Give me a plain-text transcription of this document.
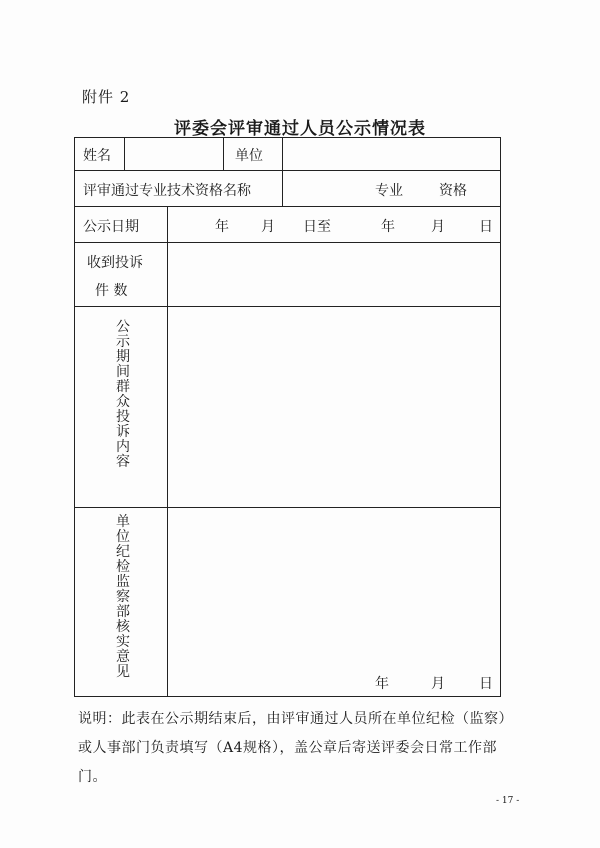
附件 2
评委会评审通过人员公示情况表
姓名	单位
评审通过专业技术资格名称	专业	资格
公示日期	年 月 日至	年	月 日
收到投诉
件 数
公示期间群众投诉内容
单位纪检监察部核实意见
年	月 日
说明：此表在公示期结束后，由评审通过人员所在单位纪检（监察）或人事部门负责填写（A4规格），盖公章后寄送评委会日常工作部门。
- 17 -
